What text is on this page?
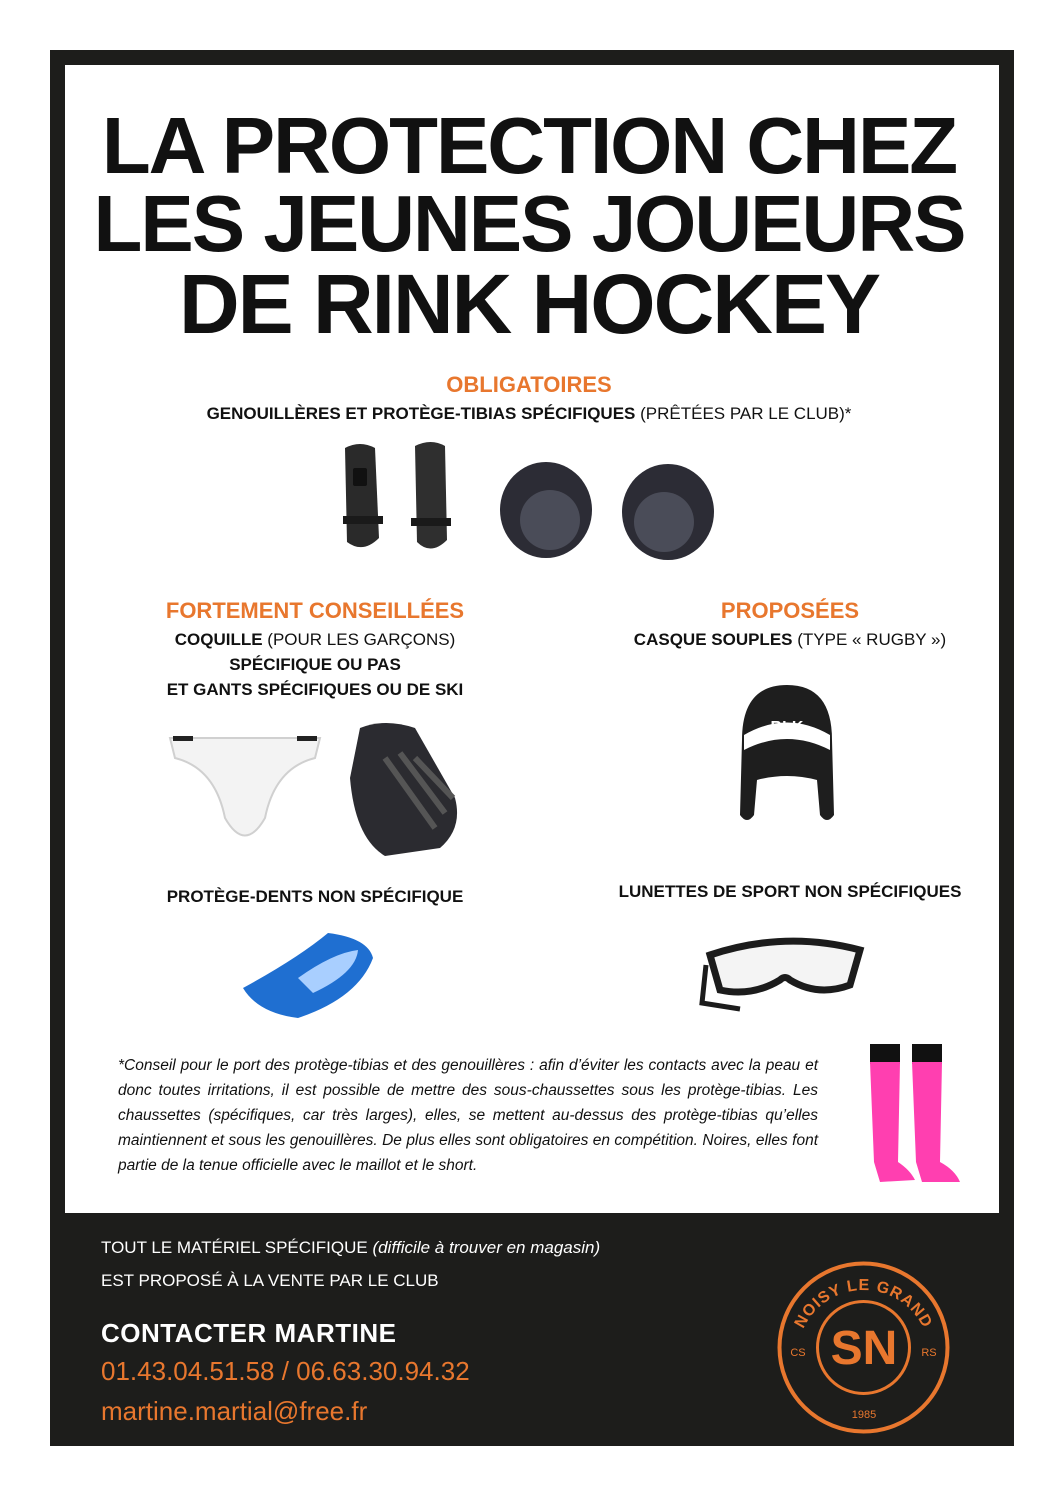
LA PROTECTION CHEZ
LES JEUNES JOUEURS
DE RINK HOCKEY
OBLIGATOIRES
GENOUILLÈRES ET PROTÈGE-TIBIAS SPÉCIFIQUES (PRÊTÉES PAR LE CLUB)*
FORTEMENT CONSEILLÉES
COQUILLE (POUR LES GARÇONS)
SPÉCIFIQUE OU PAS
ET GANTS SPÉCIFIQUES OU DE SKI
PROPOSÉES
CASQUE SOUPLES (TYPE « RUGBY »)
BLK
PROTÈGE-DENTS NON SPÉCIFIQUE	LUNETTES DE SPORT NON SPÉCIFIQUES
*Conseil pour le port des protège-tibias et des genouillères : afin d’éviter les contacts avec la peau et donc toutes irritations, il est possible de mettre des sous-chaussettes sous les protège-tibias. Les chaussettes (spécifiques, car très larges), elles, se mettent au-dessus des protège-tibias qu’elles maintiennent et sous les genouillères. De plus elles sont obligatoires en compétition. Noires, elles font partie de la tenue officielle avec le maillot et le short.
TOUT LE MATÉRIEL SPÉCIFIQUE (difficile à trouver en magasin)
EST PROPOSÉ À LA VENTE PAR LE CLUB
CONTACTER MARTINE
01.43.04.51.58 / 06.63.30.94.32
martine.martial@free.fr
NOISY LE GRAND
SN
CS	RS
1985
